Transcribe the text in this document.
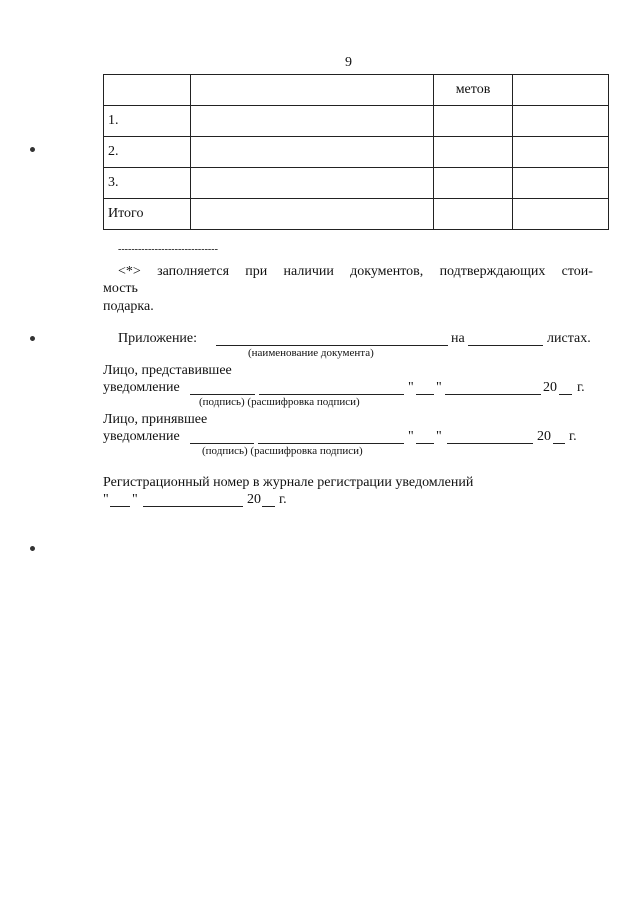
9
		метов	
1.			
2.			
3.			
Итого			
------------------------------
<*> заполняется при наличии документов, подтверждающих стои-
мость
подарка.
Приложение:	на	листах.
(наименование документа)
Лицо, представившее
уведомление	" "	20 г.
(подпись) (расшифровка подписи)
Лицо, принявшее
уведомление	" "	20 г.
(подпись) (расшифровка подписи)
Регистрационный номер в журнале регистрации уведомлений
" "	20 г.
